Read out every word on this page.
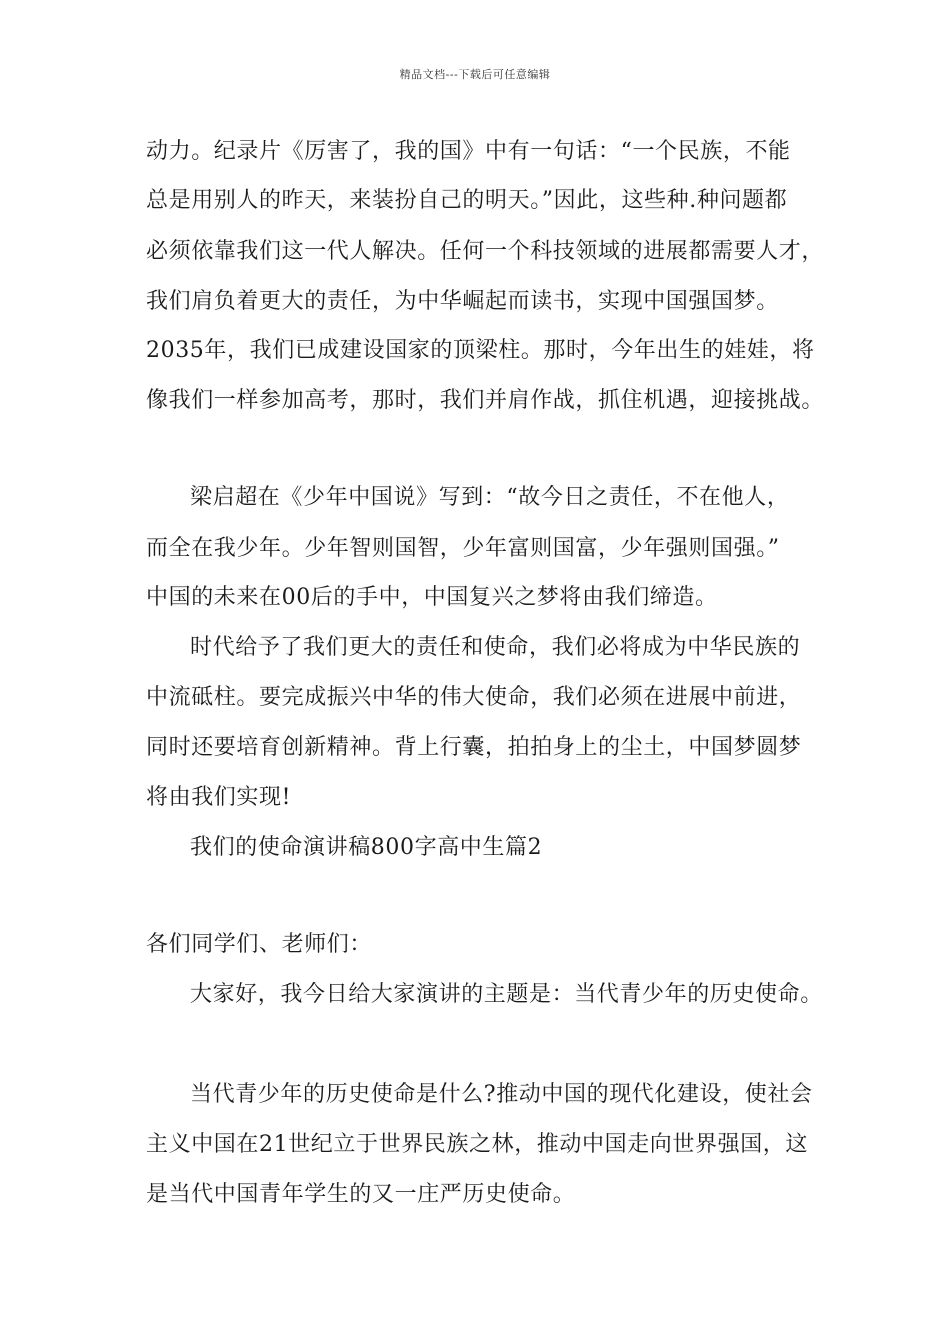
精品文档---下载后可任意编辑
动力。纪录片《厉害了，我的国》中有一句话：“一个民族，不能
总是用别人的昨天，来装扮自己的明天。”因此，这些种.种问题都
必须依靠我们这一代人解决。任何一个科技领域的进展都需要人才，
我们肩负着更大的责任，为中华崛起而读书，实现中国强国梦。
2035年，我们已成建设国家的顶梁柱。那时，今年出生的娃娃，将
像我们一样参加高考，那时，我们并肩作战，抓住机遇，迎接挑战。
梁启超在《少年中国说》写到：“故今日之责任，不在他人，
而全在我少年。少年智则国智，少年富则国富，少年强则国强。”
中国的未来在00后的手中，中国复兴之梦将由我们缔造。
时代给予了我们更大的责任和使命，我们必将成为中华民族的
中流砥柱。要完成振兴中华的伟大使命，我们必须在进展中前进，
同时还要培育创新精神。背上行囊，拍拍身上的尘土，中国梦圆梦
将由我们实现!
我们的使命演讲稿800字高中生篇2
各们同学们、老师们：
大家好，我今日给大家演讲的主题是：当代青少年的历史使命。
当代青少年的历史使命是什么?推动中国的现代化建设，使社会
主义中国在21世纪立于世界民族之林，推动中国走向世界强国，这
是当代中国青年学生的又一庄严历史使命。
